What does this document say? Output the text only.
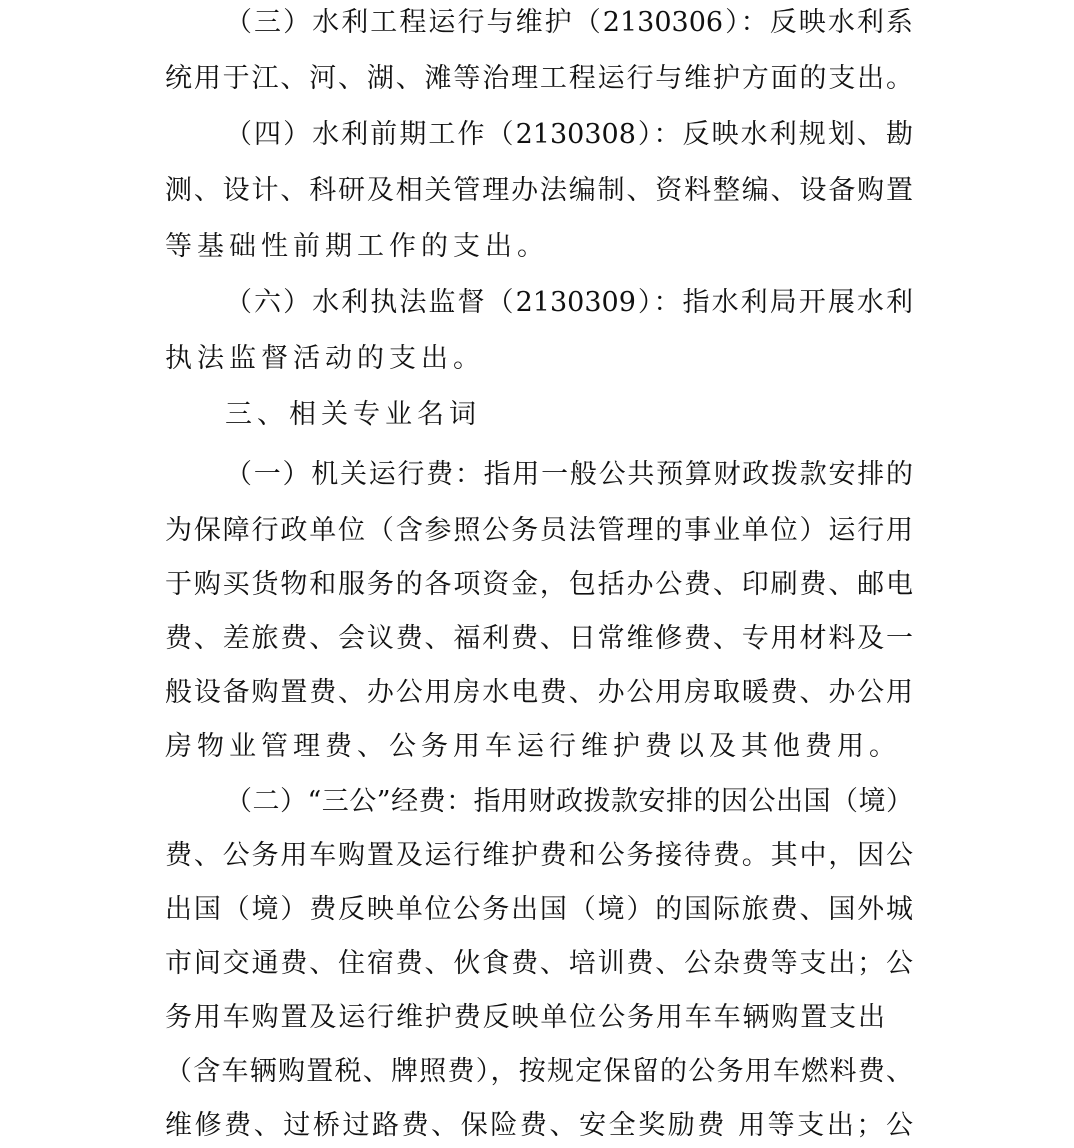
（三）水利工程运行与维护（2130306）：反映水利系
统用于江、河、湖、滩等治理工程运行与维护方面的支出。
（四）水利前期工作（2130308）：反映水利规划、勘
测、设计、科研及相关管理办法编制、资料整编、设备购置
等基础性前期工作的支出。
（六）水利执法监督（2130309）：指水利局开展水利
执法监督活动的支出。
三、相关专业名词
（一）机关运行费：指用一般公共预算财政拨款安排的
为保障行政单位（含参照公务员法管理的事业单位）运行用
于购买货物和服务的各项资金，包括办公费、印刷费、邮电
费、差旅费、会议费、福利费、日常维修费、专用材料及一
般设备购置费、办公用房水电费、办公用房取暖费、办公用
房物业管理费、公务用车运行维护费以及其他费用。
（二）“三公”经费：指用财政拨款安排的因公出国（境）
费、公务用车购置及运行维护费和公务接待费。其中，因公
出国（境）费反映单位公务出国（境）的国际旅费、国外城
市间交通费、住宿费、伙食费、培训费、公杂费等支出；公
务用车购置及运行维护费反映单位公务用车车辆购置支出
（含车辆购置税、牌照费），按规定保留的公务用车燃料费、
维修费、过桥过路费、保险费、安全奖励费 用等支出；公
